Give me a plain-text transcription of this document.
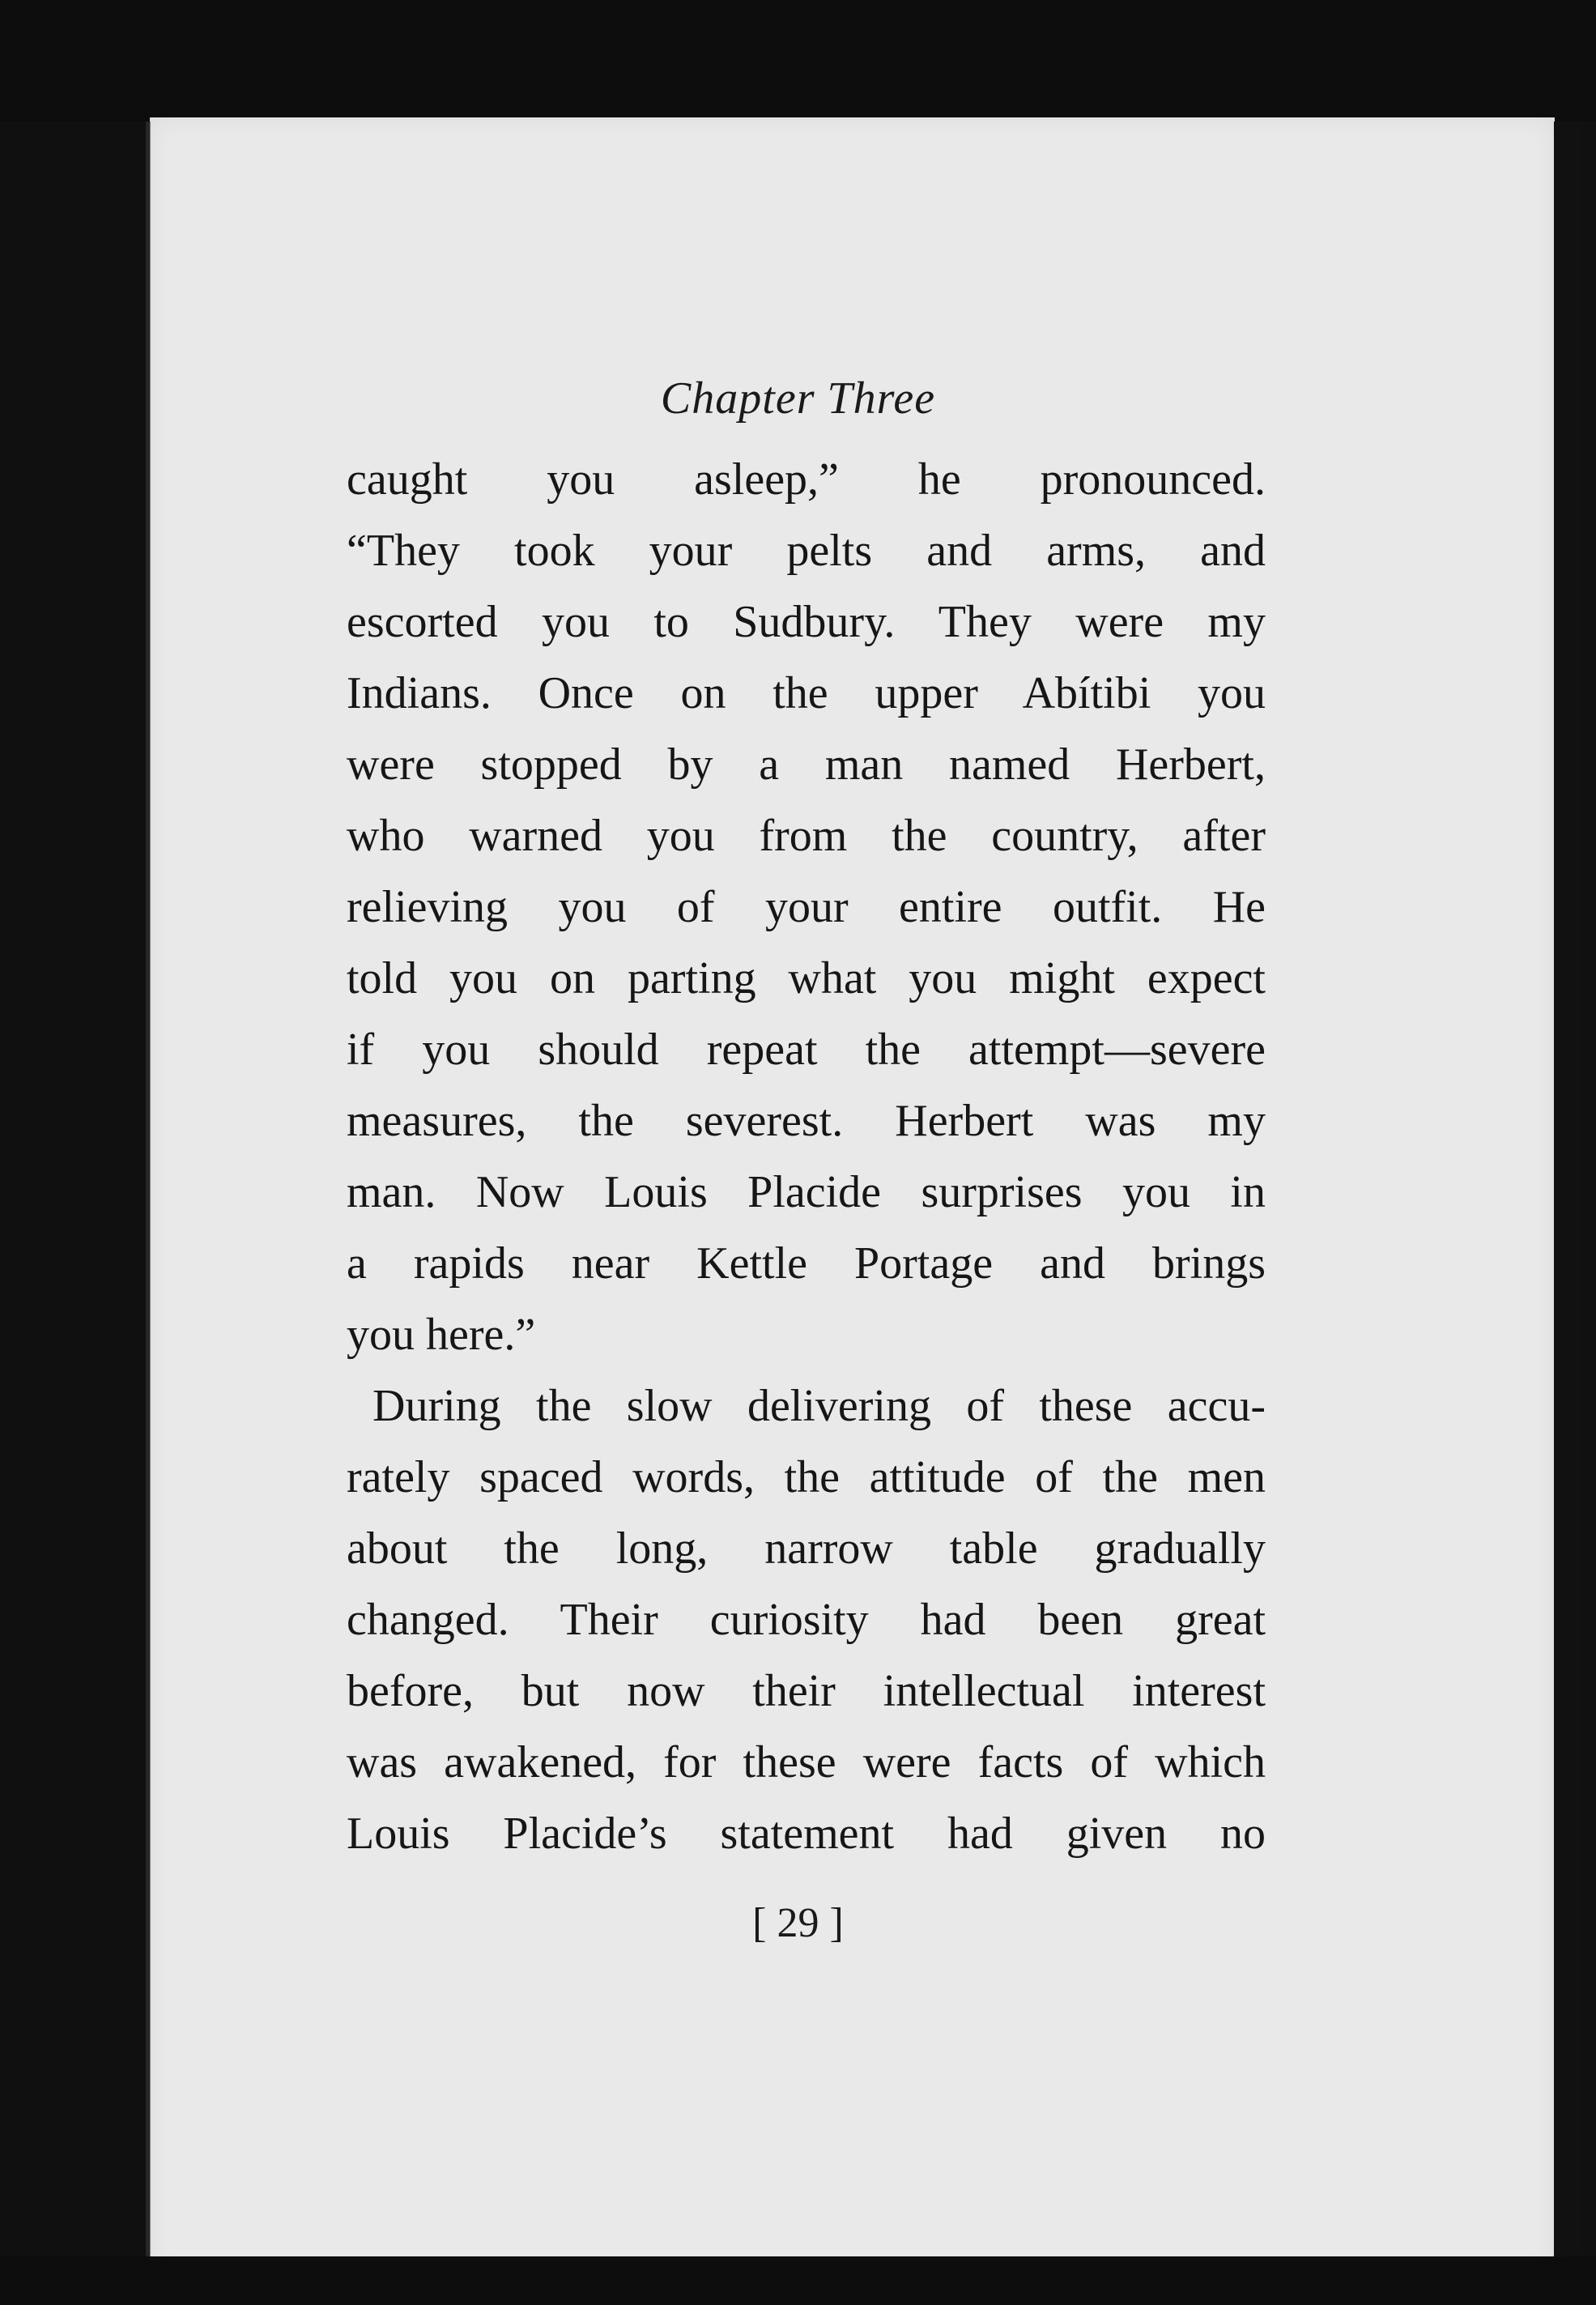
Chapter Three
caught you asleep,” he pronounced.
“They took your pelts and arms, and
escorted you to Sudbury. They were my
Indians. Once on the upper Abítibi you
were stopped by a man named Herbert,
who warned you from the country, after
relieving you of your entire outfit. He
told you on parting what you might expect
if you should repeat the attempt—severe
measures, the severest. Herbert was my
man. Now Louis Placide surprises you in
a rapids near Kettle Portage and brings
you here.”
During the slow delivering of these accu-
rately spaced words, the attitude of the men
about the long, narrow table gradually
changed. Their curiosity had been great
before, but now their intellectual interest
was awakened, for these were facts of which
Louis Placide’s statement had given no
[ 29 ]
